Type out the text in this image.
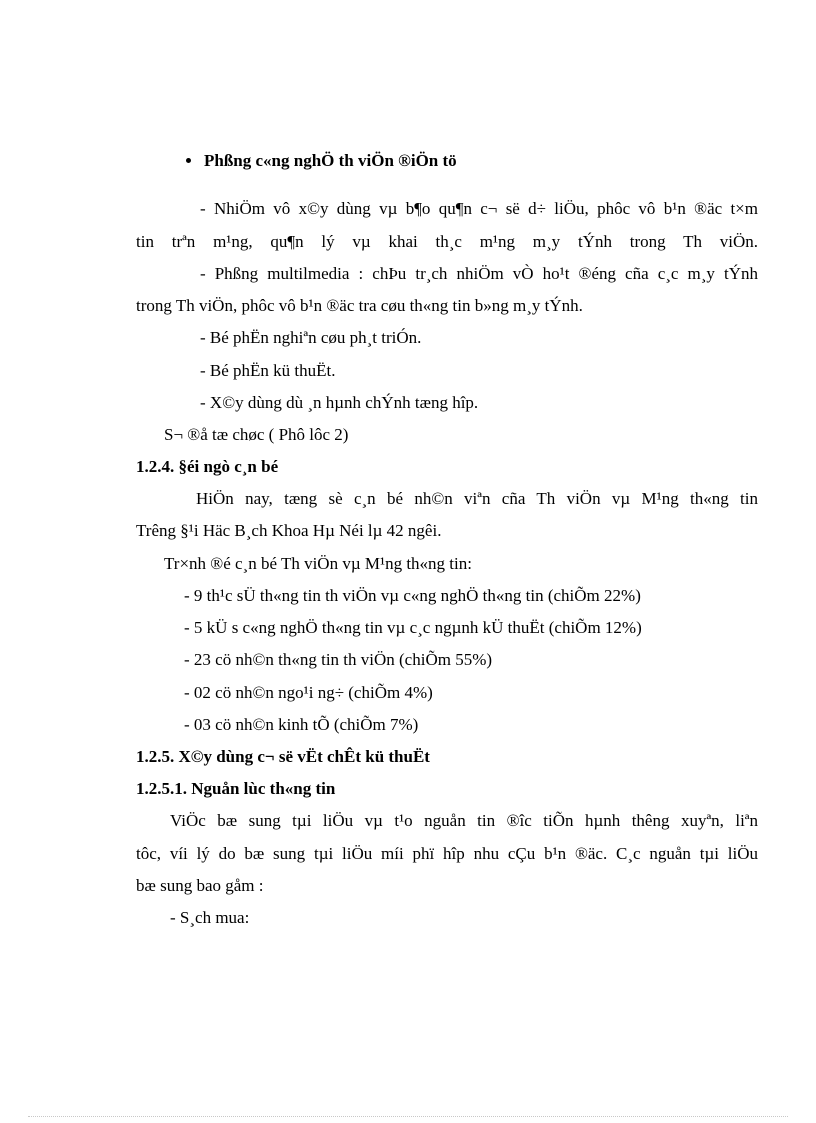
Phßng c«ng nghÖ th viÖn ®iÖn tö
- NhiÖm vô x©y dùng vµ b¶o qu¶n c¬ së d÷ liÖu, phôc vô b¹n ®äc t×m
tin trªn m¹ng, qu¶n lý vµ khai th¸c m¹ng m¸y tÝnh trong Th viÖn.
- Phßng multilmedia : chÞu tr¸ch nhiÖm vÒ ho¹t ®éng cña c¸c m¸y tÝnh
trong Th viÖn, phôc vô b¹n ®äc tra cøu th«ng tin b»ng m¸y tÝnh.
- Bé phËn nghiªn cøu ph¸t triÓn.
- Bé phËn kü thuËt.
- X©y dùng dù ¸n hµnh chÝnh tæng hîp.
S¬ ®å tæ chøc ( Phô lôc 2)
1.2.4. §éi ngò c¸n bé
HiÖn nay, tæng sè c¸n bé nh©n viªn cña Th viÖn vµ M¹ng th«ng tin
Trêng §¹i Häc B¸ch Khoa Hµ Néi lµ 42 ngêi.
Tr×nh ®é c¸n bé Th viÖn vµ M¹ng th«ng tin:
- 9 th¹c sÜ th«ng tin th viÖn vµ c«ng nghÖ th«ng tin (chiÕm 22%)
- 5 kÜ s c«ng nghÖ th«ng tin vµ c¸c ngµnh kÜ thuËt (chiÕm 12%)
- 23 cö nh©n th«ng tin th viÖn (chiÕm 55%)
- 02 cö nh©n ngo¹i ng÷ (chiÕm 4%)
- 03 cö nh©n kinh tÕ (chiÕm 7%)
1.2.5. X©y dùng c¬ së vËt chÊt kü thuËt
1.2.5.1. Nguån lùc th«ng tin
ViÖc bæ sung tµi liÖu vµ t¹o nguån tin ®îc tiÕn hµnh thêng xuyªn, liªn
tôc, víi lý do bæ sung tµi liÖu míi phï hîp nhu cÇu b¹n ®äc. C¸c nguån tµi liÖu
bæ sung bao gåm :
- S¸ch mua:
